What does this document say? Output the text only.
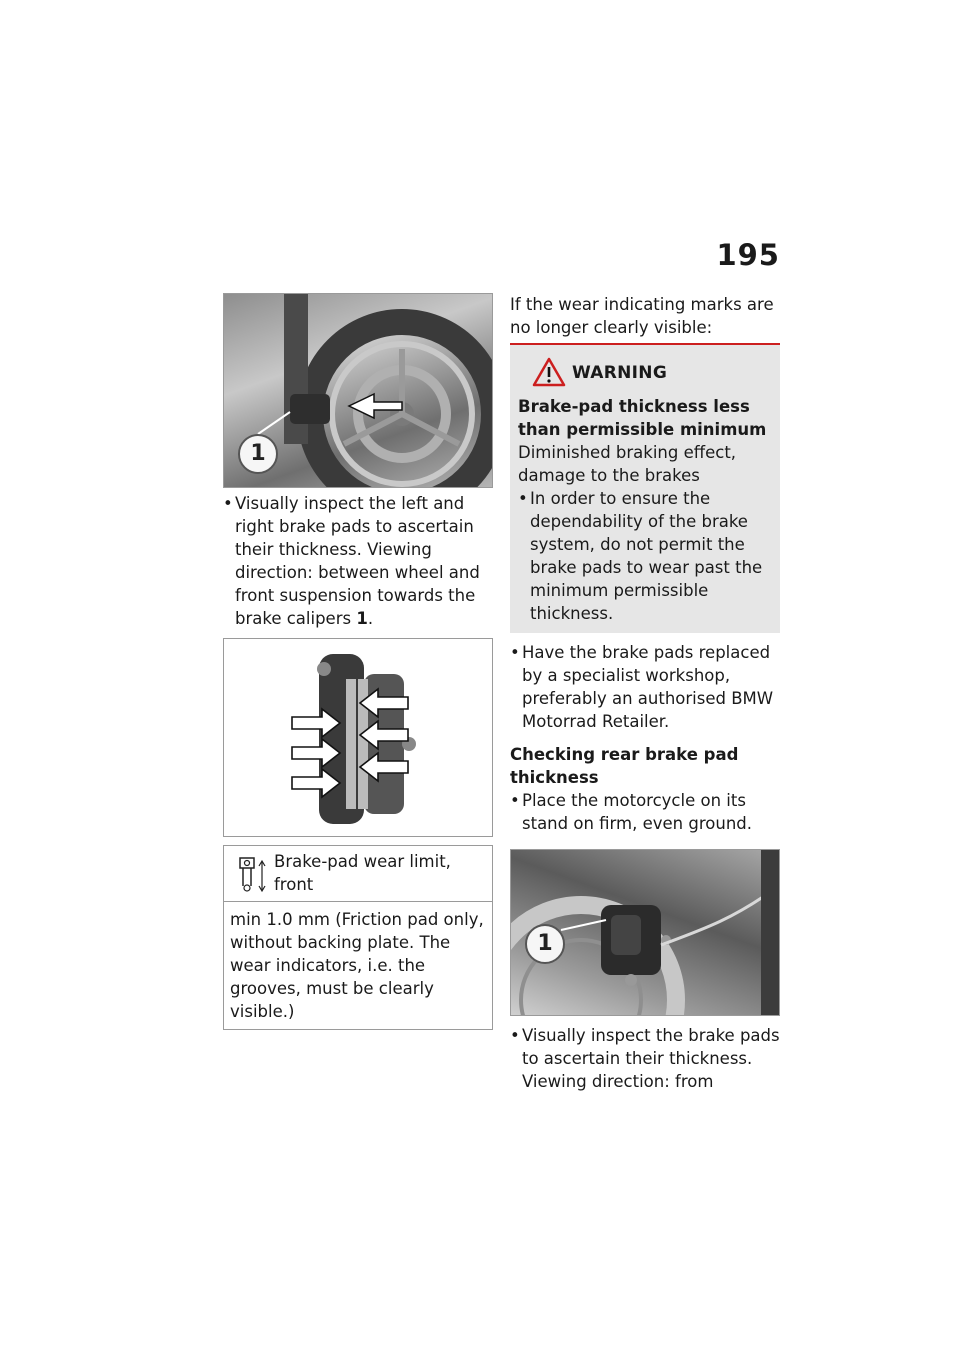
195
1
• Visually inspect the left and right brake pads to ascertain their thickness. Viewing direction: between wheel and front suspension towards the brake calipers 1.
Brake-pad wear limit, front
min 1.0 mm (Friction pad only, without backing plate. The wear indicators, i.e. the grooves, must be clearly visible.)

If the wear indicating marks are no longer clearly visible:

WARNING
Brake-pad thickness less than permissible minimum
Diminished braking effect, damage to the brakes
• In order to ensure the dependability of the brake system, do not permit the brake pads to wear past the minimum permissible thickness.
• Have the brake pads replaced by a specialist workshop, preferably an authorised BMW Motorrad Retailer.
Checking rear brake pad thickness
• Place the motorcycle on its stand on firm, even ground.
1
• Visually inspect the brake pads to ascertain their thickness. Viewing direction: from
